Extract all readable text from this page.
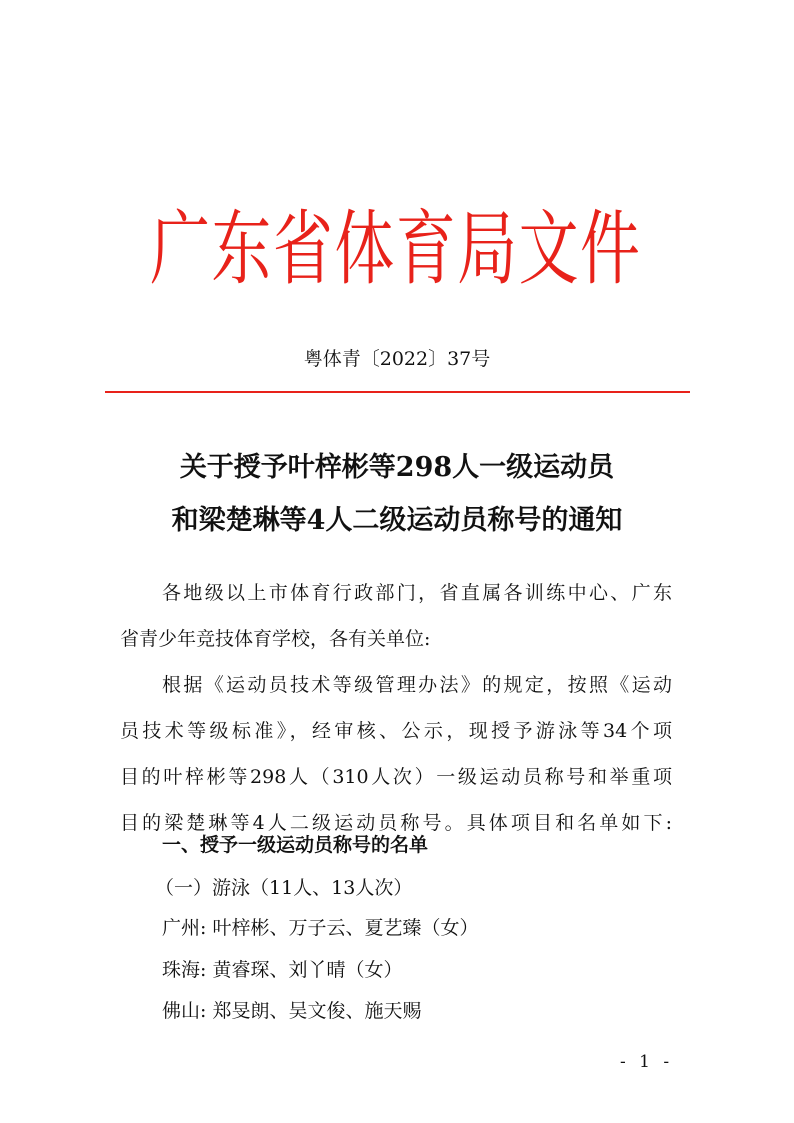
广东省体育局文件
粤体青〔2022〕37号
关于授予叶梓彬等298人一级运动员
和梁楚琳等4人二级运动员称号的通知
各地级以上市体育行政部门，省直属各训练中心、广东
省青少年竞技体育学校，各有关单位:
根据《运动员技术等级管理办法》的规定，按照《运动
员技术等级标准》，经审核、公示，现授予游泳等34个项
目的叶梓彬等298人（310人次）一级运动员称号和举重项
目的梁楚琳等4人二级运动员称号。具体项目和名单如下:
一、授予一级运动员称号的名单
（一）游泳（11人、13人次）
广州: 叶梓彬、万子云、夏艺臻（女）
珠海: 黄睿琛、刘丫晴（女）
佛山: 郑旻朗、吴文俊、施天赐
- 1 -
